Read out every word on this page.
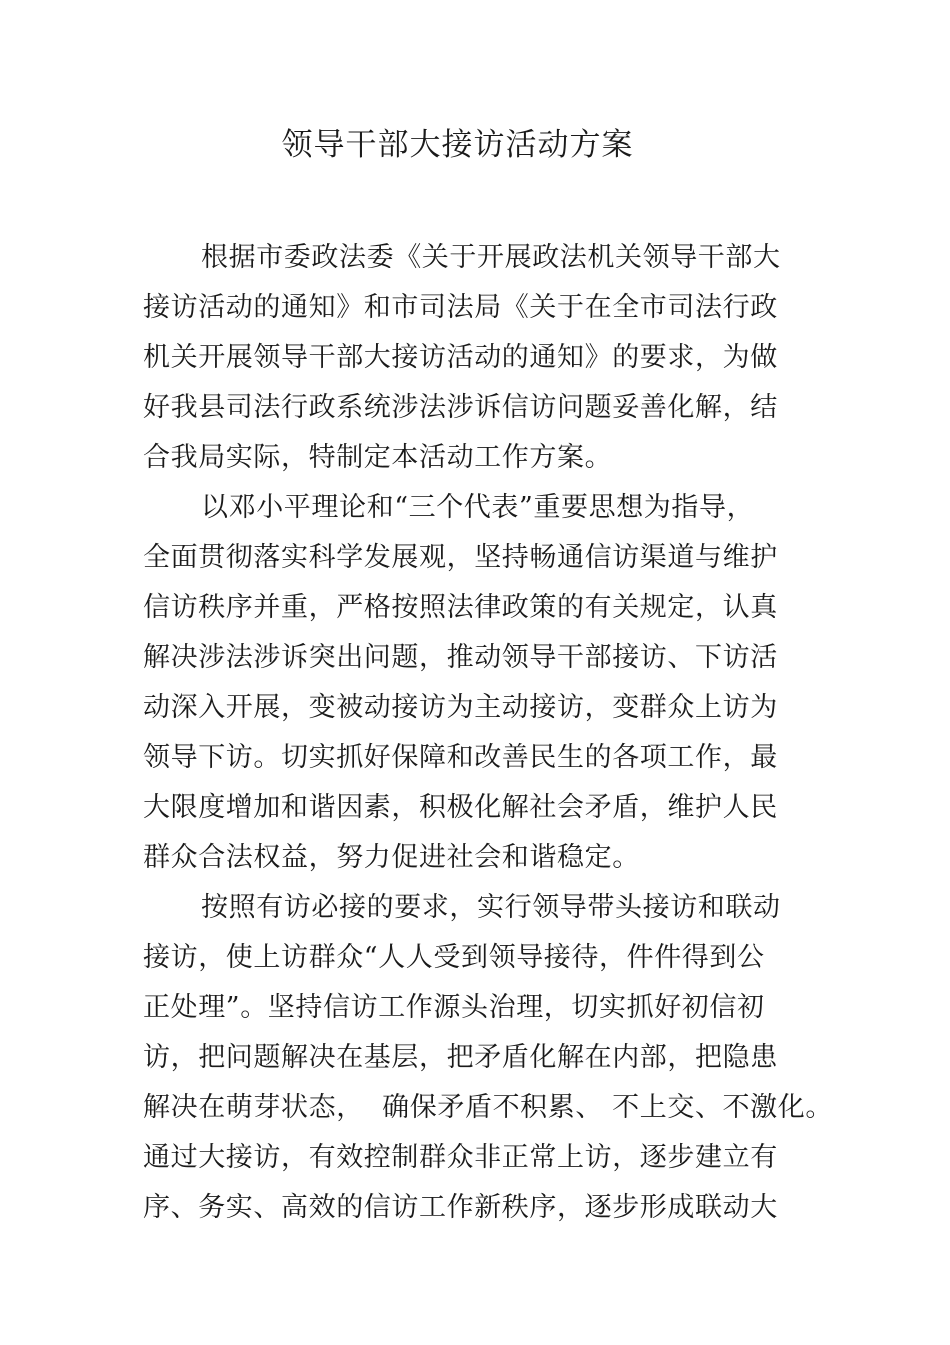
领导干部大接访活动方案
根据市委政法委《关于开展政法机关领导干部大
接访活动的通知》和市司法局《关于在全市司法行政
机关开展领导干部大接访活动的通知》的要求，为做
好我县司法行政系统涉法涉诉信访问题妥善化解，结
合我局实际，特制定本活动工作方案。
以邓小平理论和“三个代表”重要思想为指导，
全面贯彻落实科学发展观，坚持畅通信访渠道与维护
信访秩序并重，严格按照法律政策的有关规定，认真
解决涉法涉诉突出问题，推动领导干部接访、下访活
动深入开展，变被动接访为主动接访，变群众上访为
领导下访。切实抓好保障和改善民生的各项工作，最
大限度增加和谐因素，积极化解社会矛盾，维护人民
群众合法权益，努力促进社会和谐稳定。
按照有访必接的要求，实行领导带头接访和联动
接访，使上访群众“人人受到领导接待，件件得到公
正处理”。坚持信访工作源头治理，切实抓好初信初
访，把问题解决在基层，把矛盾化解在内部，把隐患
解决在萌芽状态，  确保矛盾不积累、 不上交、不激化。
通过大接访，有效控制群众非正常上访，逐步建立有
序、务实、高效的信访工作新秩序，逐步形成联动大
